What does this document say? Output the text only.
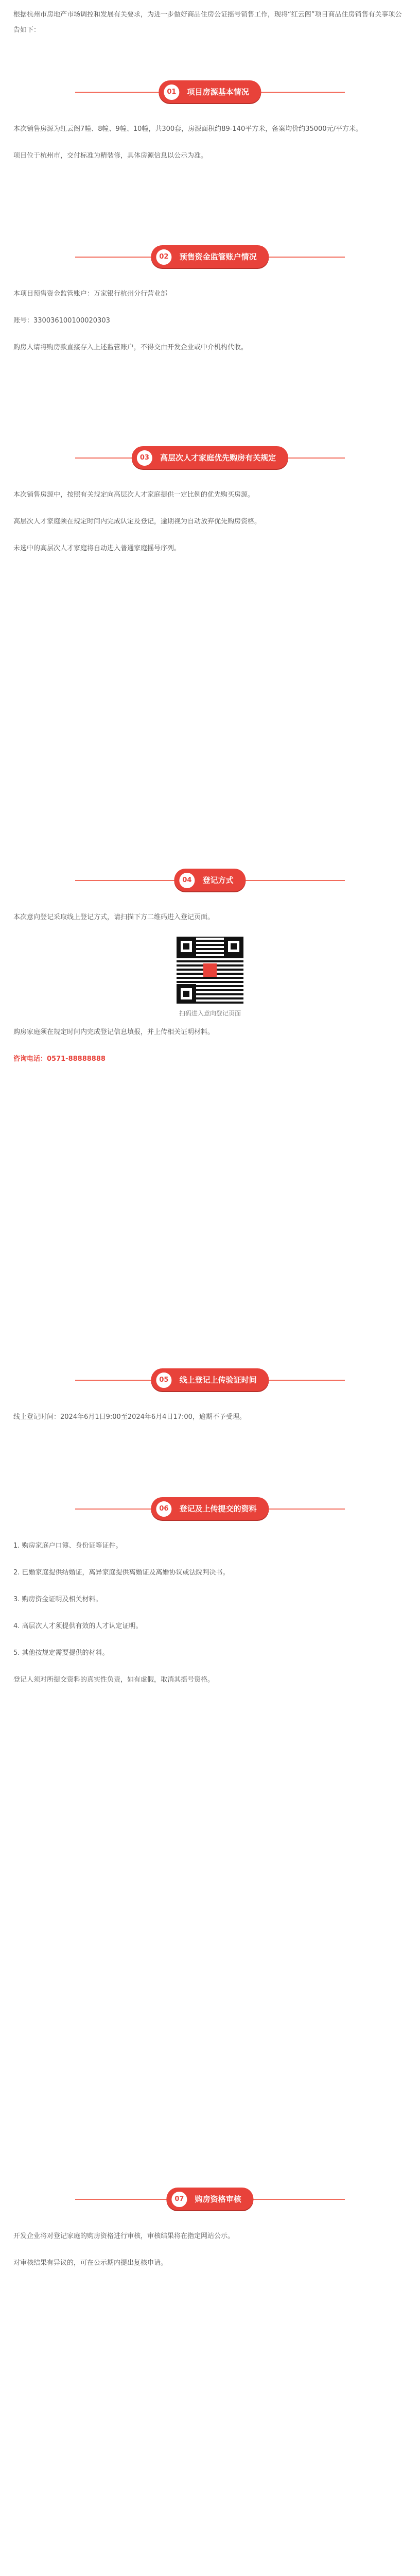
根据杭州市房地产市场调控和发展有关要求，为进一步做好商品住房公证摇号销售工作，现将“红云阁”项目商品住房销售有关事项公告如下：
01 项目房源基本情况
本次销售房源为红云阁7幢、8幢、9幢、10幢，共300套，房源面积约89-140平方米，备案均价约35000元/平方米。
项目位于杭州市，交付标准为精装修，具体房源信息以公示为准。
02 预售资金监管账户情况
本项目预售资金监管账户：万家银行杭州分行营业部
账号：330036100100020303
购房人请将购房款直接存入上述监管账户，不得交由开发企业或中介机构代收。
03 高层次人才家庭优先购房有关规定
本次销售房源中，按照有关规定向高层次人才家庭提供一定比例的优先购买房源。
高层次人才家庭须在规定时间内完成认定及登记，逾期视为自动放弃优先购房资格。
未选中的高层次人才家庭将自动进入普通家庭摇号序列。
04 登记方式
本次意向登记采取线上登记方式，请扫描下方二维码进入登记页面。
扫码进入意向登记页面
购房家庭须在规定时间内完成登记信息填报，并上传相关证明材料。
咨询电话：0571-88888888
05 线上登记上传验证时间
线上登记时间：2024年6月1日9:00至2024年6月4日17:00，逾期不予受理。
06 登记及上传提交的资料
1. 购房家庭户口簿、身份证等证件。
2. 已婚家庭提供结婚证，离异家庭提供离婚证及离婚协议或法院判决书。
3. 购房资金证明及相关材料。
4. 高层次人才须提供有效的人才认定证明。
5. 其他按规定需要提供的材料。
登记人须对所提交资料的真实性负责，如有虚假，取消其摇号资格。
07 购房资格审核
开发企业将对登记家庭的购房资格进行审核，审核结果将在指定网站公示。
对审核结果有异议的，可在公示期内提出复核申请。
